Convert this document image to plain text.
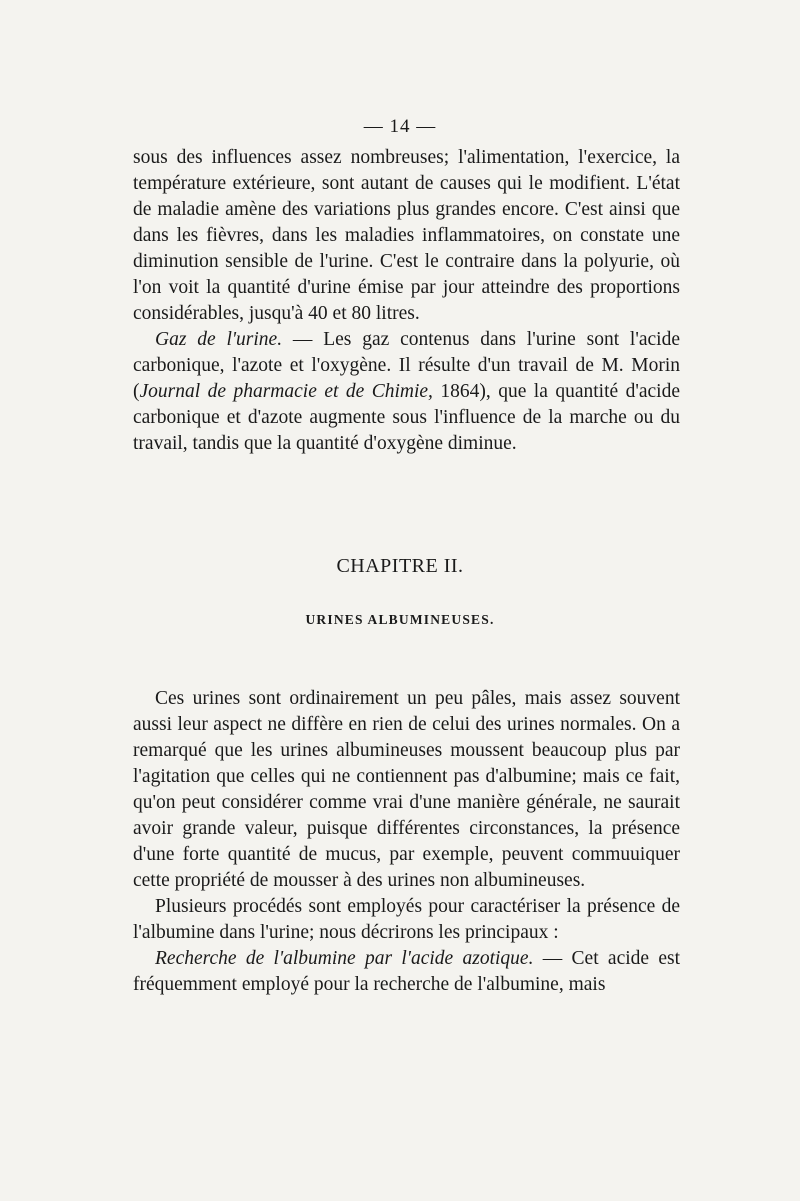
— 14 —

sous des influences assez nombreuses; l'alimentation, l'exercice, la température extérieure, sont autant de causes qui le modifient. L'état de maladie amène des variations plus grandes encore. C'est ainsi que dans les fièvres, dans les maladies inflammatoires, on constate une diminution sensible de l'urine. C'est le contraire dans la polyurie, où l'on voit la quantité d'urine émise par jour atteindre des proportions considérables, jusqu'à 40 et 80 litres.

Gaz de l'urine. — Les gaz contenus dans l'urine sont l'acide carbonique, l'azote et l'oxygène. Il résulte d'un travail de M. Morin (Journal de pharmacie et de Chimie, 1864), que la quantité d'acide carbonique et d'azote augmente sous l'influence de la marche ou du travail, tandis que la quantité d'oxygène diminue.

CHAPITRE II.
URINES ALBUMINEUSES.

Ces urines sont ordinairement un peu pâles, mais assez souvent aussi leur aspect ne diffère en rien de celui des urines normales. On a remarqué que les urines albumineuses moussent beaucoup plus par l'agitation que celles qui ne contiennent pas d'albumine; mais ce fait, qu'on peut considérer comme vrai d'une manière générale, ne saurait avoir grande valeur, puisque différentes circonstances, la présence d'une forte quantité de mucus, par exemple, peuvent commuuiquer cette propriété de mousser à des urines non albumineuses.

Plusieurs procédés sont employés pour caractériser la présence de l'albumine dans l'urine; nous décrirons les principaux :

Recherche de l'albumine par l'acide azotique. — Cet acide est fréquemment employé pour la recherche de l'albumine, mais
